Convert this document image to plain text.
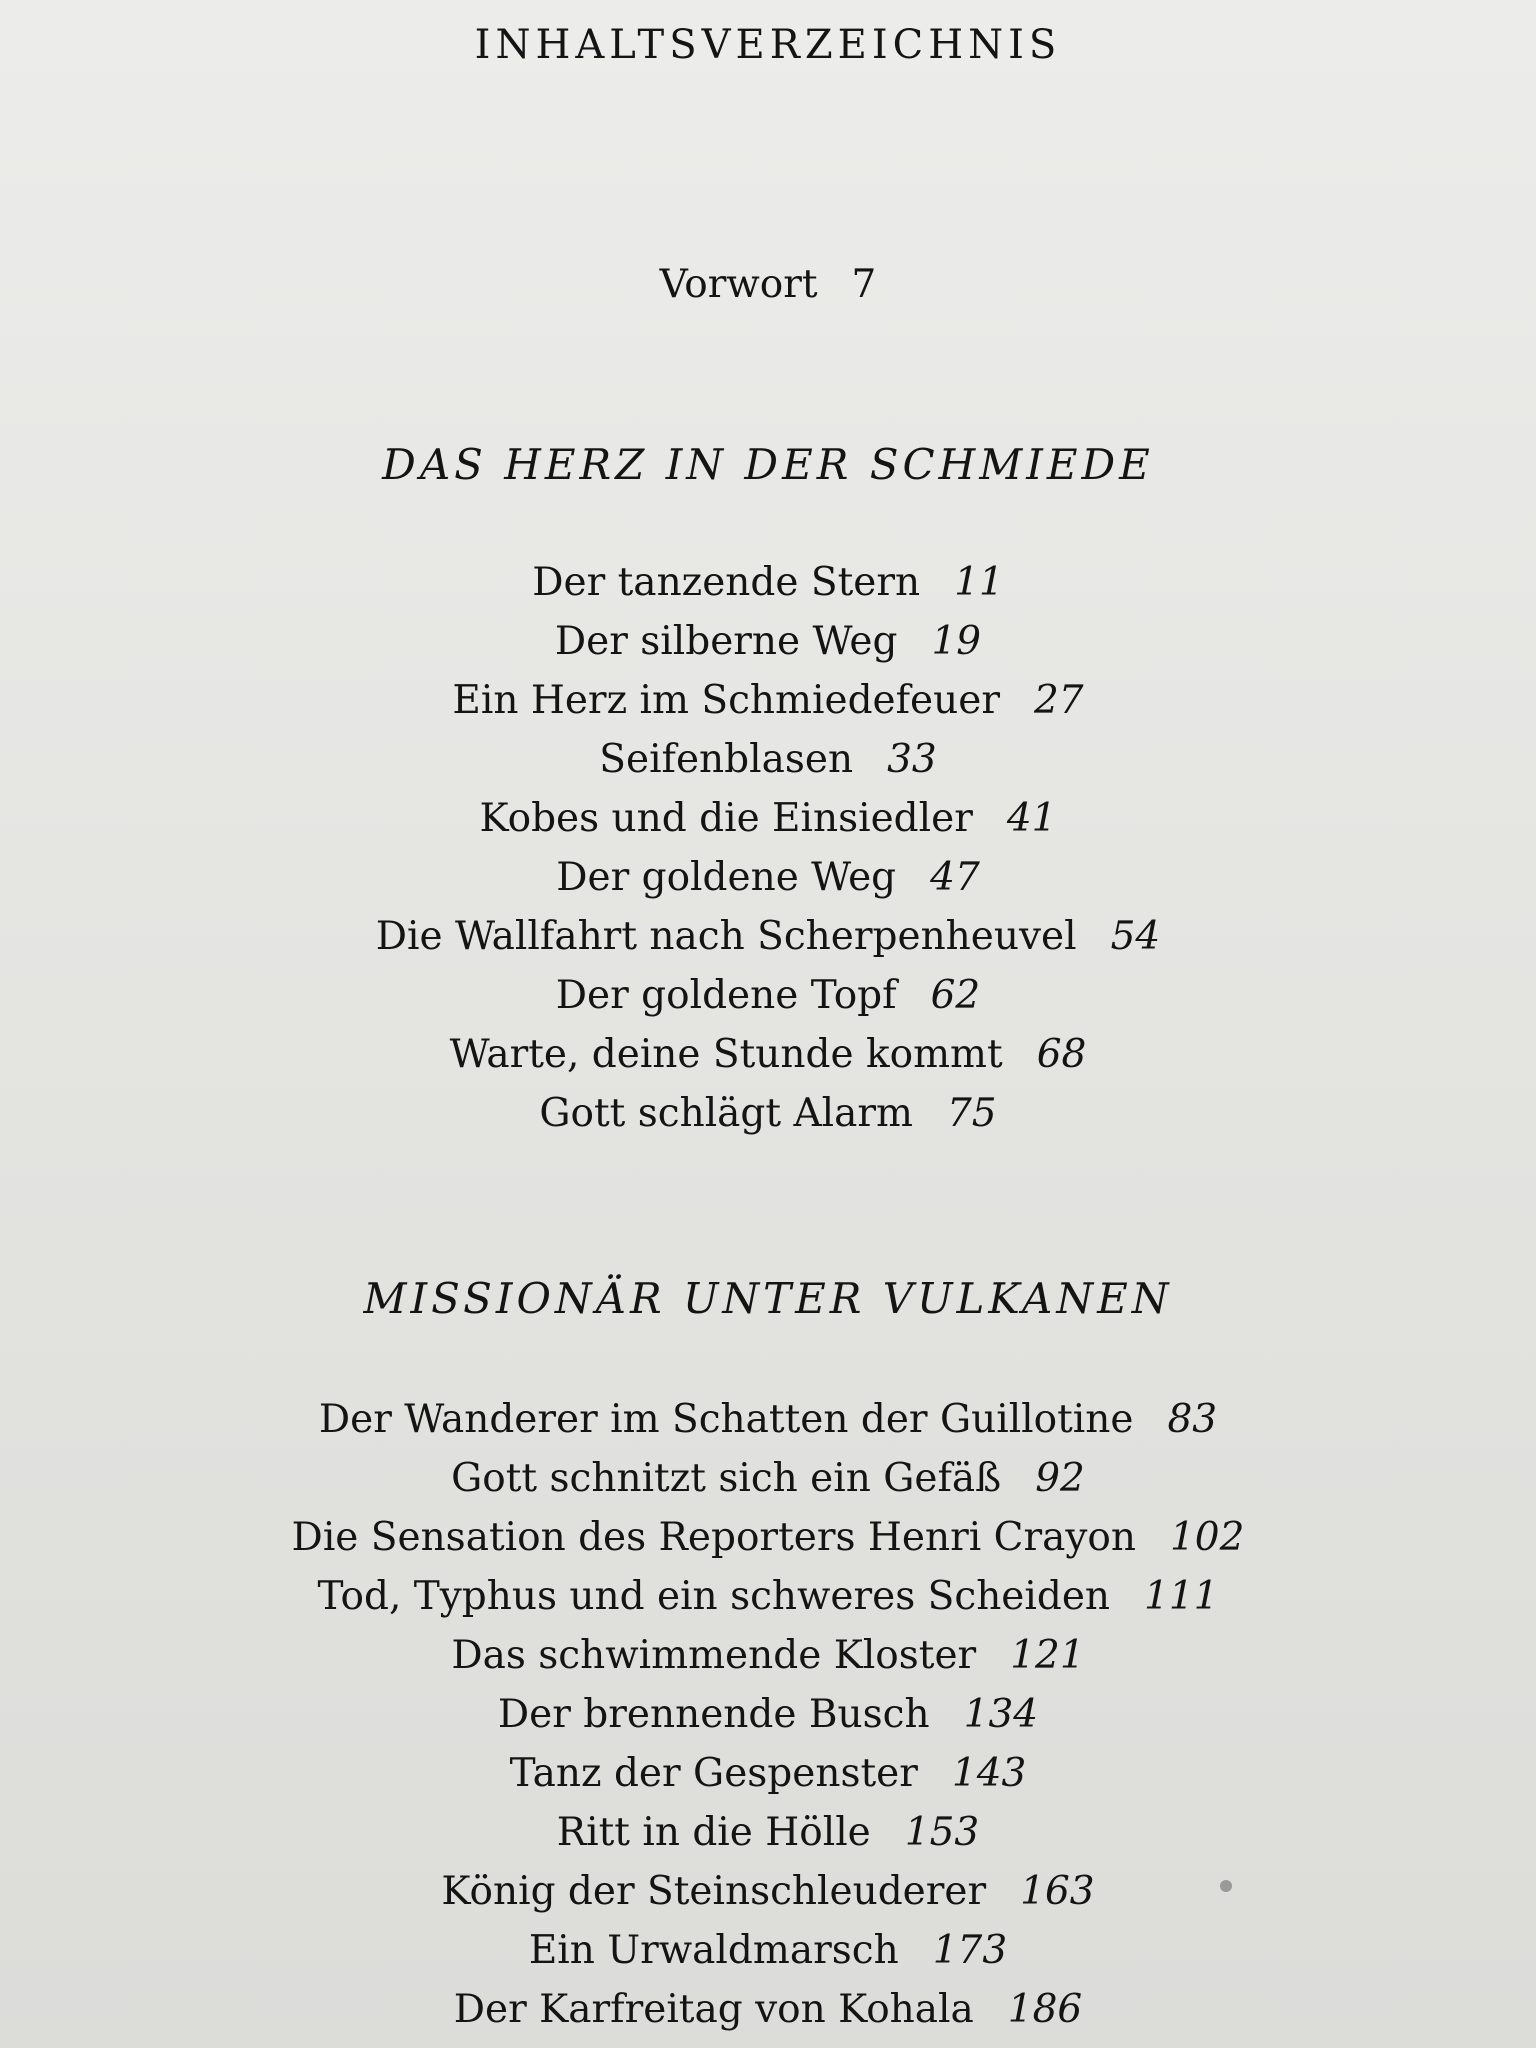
INHALTSVERZEICHNIS
Vorwort 7
DAS HERZ IN DER SCHMIEDE
Der tanzende Stern 11
Der silberne Weg 19
Ein Herz im Schmiedefeuer 27
Seifenblasen 33
Kobes und die Einsiedler 41
Der goldene Weg 47
Die Wallfahrt nach Scherpenheuvel 54
Der goldene Topf 62
Warte, deine Stunde kommt 68
Gott schlägt Alarm 75
MISSIONÄR UNTER VULKANEN
Der Wanderer im Schatten der Guillotine 83
Gott schnitzt sich ein Gefäß 92
Die Sensation des Reporters Henri Crayon 102
Tod, Typhus und ein schweres Scheiden 111
Das schwimmende Kloster 121
Der brennende Busch 134
Tanz der Gespenster 143
Ritt in die Hölle 153
König der Steinschleuderer 163
Ein Urwaldmarsch 173
Der Karfreitag von Kohala 186
